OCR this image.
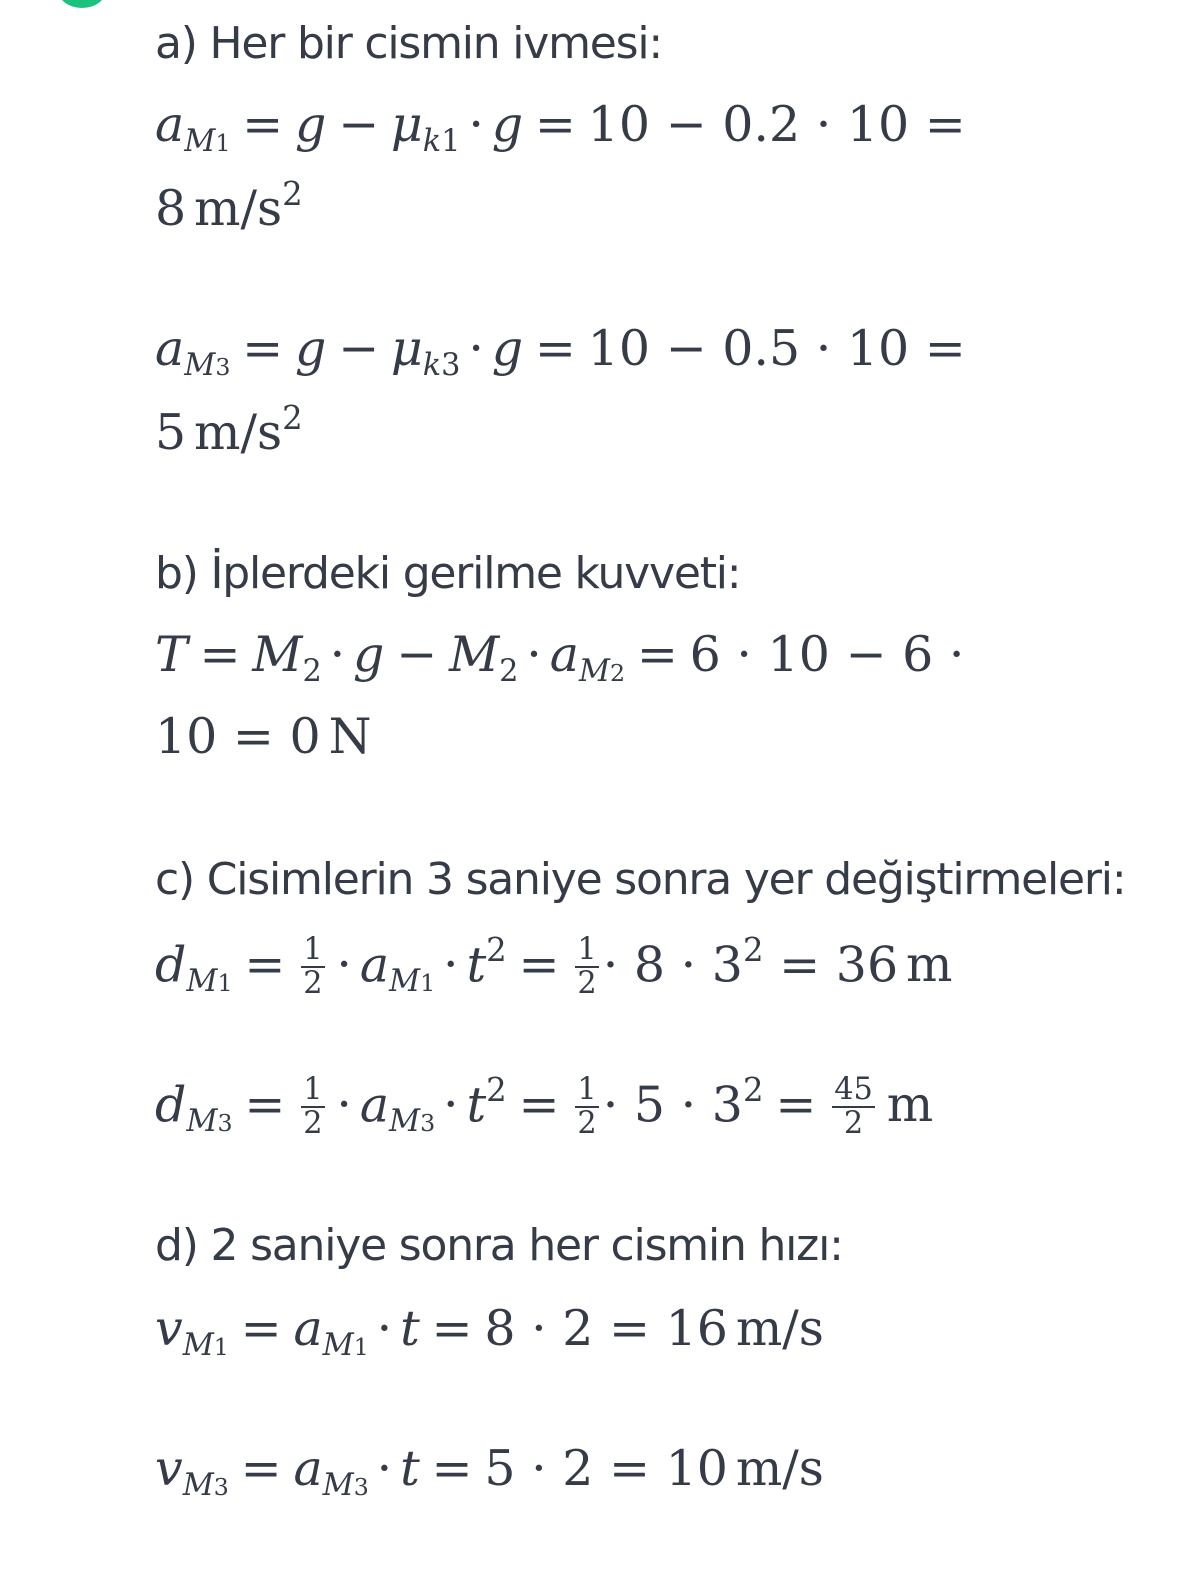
a) Her bir cismin ivmesi:
aM1 = g − μk1 · g = 10 − 0.2 · 10 =
8 $m/s^2$
aM3 = g − μk3 · g = 10 − 0.5 · 10 =
5 $m/s^2$
b) İplerdeki gerilme kuvveti:
T = M2 · g − M2 · aM2 = 6 · 10 − 6 ·
10 = 0 N
c) Cisimlerin 3 saniye sonra yer değiştirmeleri:
$dM1 = \frac{1}{2} \cdot aM1 \cdot t^2 = \frac{1}{2} \cdot 8 \cdot 3^2 = 36$ m
$dM3 = \frac{1}{2} \cdot aM3 \cdot t^2 = \frac{1}{2} \cdot 5 \cdot 3^2 = \frac{45}{2}$ m
d) 2 saniye sonra her cismin hızı:
vM1 = aM1 · t = 8 · 2 = 16 m/s
vM3 = aM3 · t = 5 · 2 = 10 m/s
